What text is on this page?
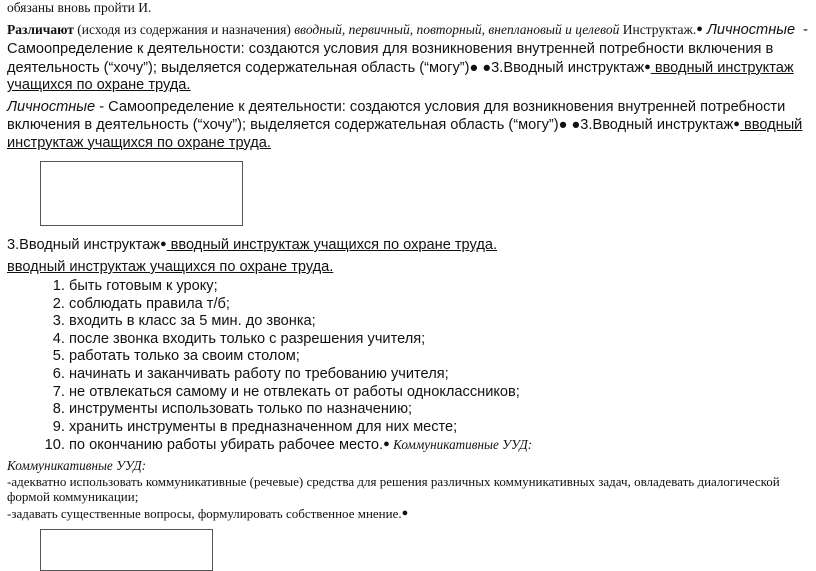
обязаны вновь пройти И.

Различают (исходя из содержания и назначения) вводный, первичный, повторный, внеплановый и целевой Инструктаж.● Личностные -

Самоопределение к деятельности: создаются условия для возникновения внутренней потребности включения в деятельность (“хочу”); выделяется содержательная область (“могу”)● ●3.Вводный инструктаж● вводный инструктаж учащихся по охране труда.

Личностные - Самоопределение к деятельности: создаются условия для возникновения внутренней потребности включения в деятельность (“хочу”); выделяется содержательная область (“могу”)● ●3.Вводный инструктаж● вводный инструктаж учащихся по охране труда.

3.Вводный инструктаж● вводный инструктаж учащихся по охране труда.

вводный инструктаж учащихся по охране труда.

1. быть готовым к уроку;
2. соблюдать правила т/б;
3. входить в класс за 5 мин. до звонка;
4. после звонка входить только с разрешения учителя;
5. работать только за своим столом;
6. начинать и заканчивать работу по требованию учителя;
7. не отвлекаться самому и не отвлекать от работы одноклассников;
8. инструменты использовать только по назначению;
9. хранить инструменты в предназначенном для них месте;
10. по окончанию работы убирать рабочее место.● Коммуникативные УУД:

Коммуникативные УУД:

-адекватно использовать коммуникативные (речевые) средства для решения различных коммуникативных задач, овладевать диалогической формой коммуникации;

-задавать существенные вопросы, формулировать собственное мнение.●
